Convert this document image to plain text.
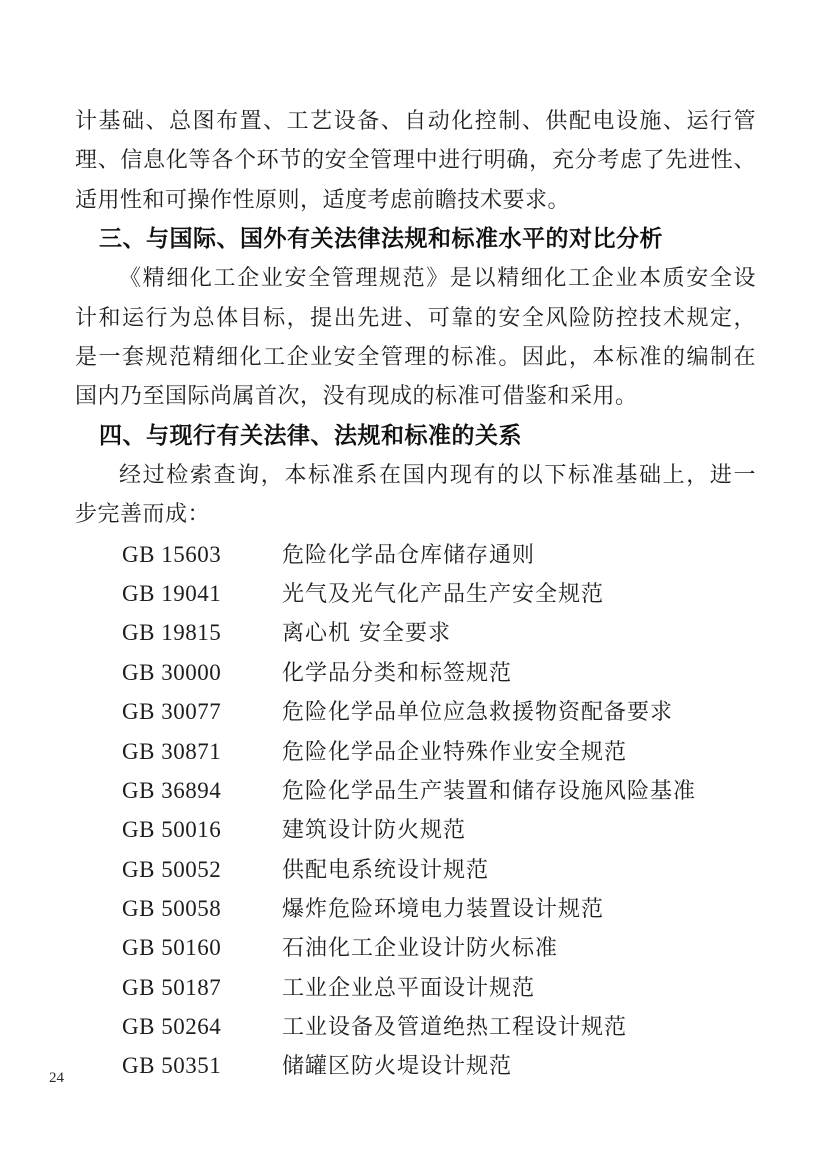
计基础、总图布置、工艺设备、自动化控制、供配电设施、运行管
理、信息化等各个环节的安全管理中进行明确，充分考虑了先进性、
适用性和可操作性原则，适度考虑前瞻技术要求。
三、与国际、国外有关法律法规和标准水平的对比分析
《精细化工企业安全管理规范》是以精细化工企业本质安全设
计和运行为总体目标，提出先进、可靠的安全风险防控技术规定，
是一套规范精细化工企业安全管理的标准。因此，本标准的编制在
国内乃至国际尚属首次，没有现成的标准可借鉴和采用。
四、与现行有关法律、法规和标准的关系
经过检索查询，本标准系在国内现有的以下标准基础上，进一
步完善而成：
GB 15603	危险化学品仓库储存通则
GB 19041	光气及光气化产品生产安全规范
GB 19815	离心机 安全要求
GB 30000	化学品分类和标签规范
GB 30077	危险化学品单位应急救援物资配备要求
GB 30871	危险化学品企业特殊作业安全规范
GB 36894	危险化学品生产装置和储存设施风险基准
GB 50016	建筑设计防火规范
GB 50052	供配电系统设计规范
GB 50058	爆炸危险环境电力装置设计规范
GB 50160	石油化工企业设计防火标准
GB 50187	工业企业总平面设计规范
GB 50264	工业设备及管道绝热工程设计规范
GB 50351	储罐区防火堤设计规范
24
